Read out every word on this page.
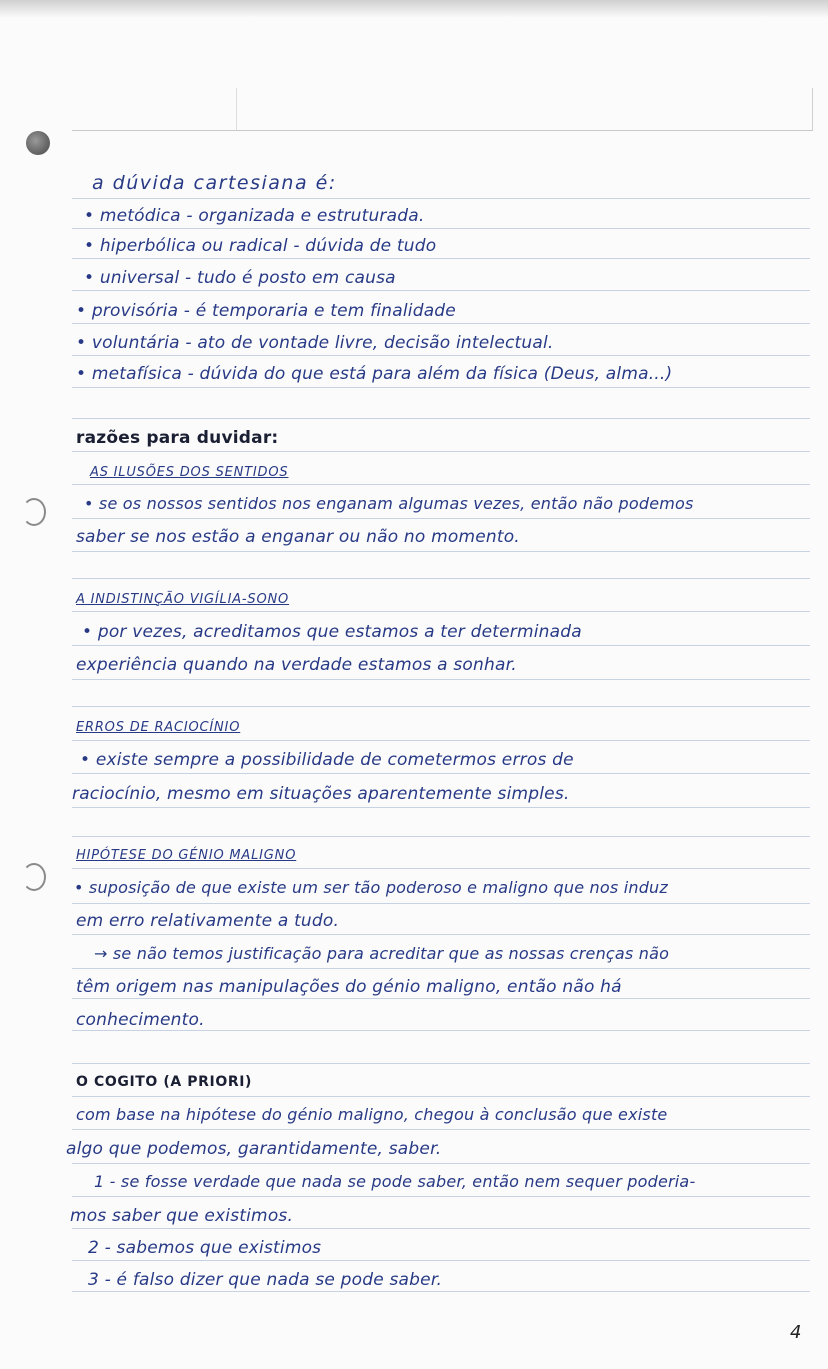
a dúvida cartesiana é:
• metódica - organizada e estruturada.
• hiperbólica ou radical - dúvida de tudo
• universal - tudo é posto em causa
• provisória - é temporaria e tem finalidade
• voluntária - ato de vontade livre, decisão intelectual.
• metafísica - dúvida do que está para além da física (Deus, alma...)
razões para duvidar:
AS ILUSÕES DOS SENTIDOS
• se os nossos sentidos nos enganam algumas vezes, então não podemos
saber se nos estão a enganar ou não no momento.
A INDISTINÇÃO VIGÍLIA-SONO
• por vezes, acreditamos que estamos a ter determinada
experiência quando na verdade estamos a sonhar.
ERROS DE RACIOCÍNIO
• existe sempre a possibilidade de cometermos erros de
raciocínio, mesmo em situações aparentemente simples.
HIPÓTESE DO GÉNIO MALIGNO
• suposição de que existe um ser tão poderoso e maligno que nos induz
em erro relativamente a tudo.
→ se não temos justificação para acreditar que as nossas crenças não
têm origem nas manipulações do génio maligno, então não há
conhecimento.
O COGITO (A PRIORI)
com base na hipótese do génio maligno, chegou à conclusão que existe
algo que podemos, garantidamente, saber.
1 - se fosse verdade que nada se pode saber, então nem sequer poderia-
mos saber que existimos.
2 - sabemos que existimos
3 - é falso dizer que nada se pode saber.
4
